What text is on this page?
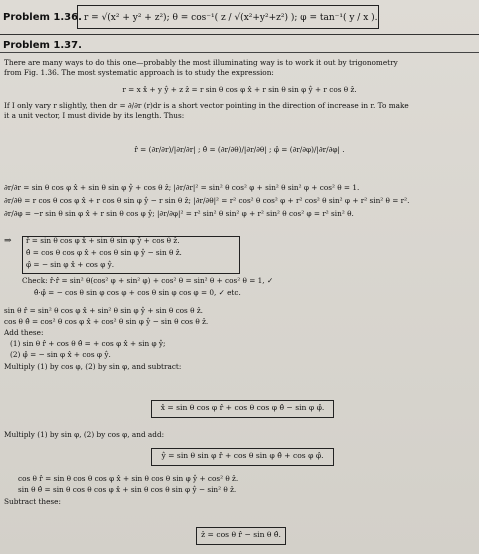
Problem 1.36. r = √(x² + y² + z²); θ = cos⁻¹( z / √(x²+y²+z²) ); φ = tan⁻¹( y / x ).
Problem 1.37.
There are many ways to do this one—probably the most illuminating way is to work it out by trigonometry
from Fig. 1.36. The most systematic approach is to study the expression:
r = x x̂ + y ŷ + z ẑ = r sin θ cos φ x̂ + r sin θ sin φ ŷ + r cos θ ẑ.
If I only vary r slightly, then dr = ∂/∂r (r)dr is a short vector pointing in the direction of increase in r. To make
it a unit vector, I must divide by its length. Thus:
r̂ = (∂r/∂r)/|∂r/∂r| ; θ̂ = (∂r/∂θ)/|∂r/∂θ| ; φ̂ = (∂r/∂φ)/|∂r/∂φ| .
∂r/∂r = sin θ cos φ x̂ + sin θ sin φ ŷ + cos θ ẑ; |∂r/∂r|² = sin² θ cos² φ + sin² θ sin² φ + cos² θ = 1.
∂r/∂θ = r cos θ cos φ x̂ + r cos θ sin φ ŷ − r sin θ ẑ; |∂r/∂θ|² = r² cos² θ cos² φ + r² cos² θ sin² φ + r² sin² θ = r².
∂r/∂φ = −r sin θ sin φ x̂ + r sin θ cos φ ŷ; |∂r/∂φ|² = r² sin² θ sin² φ + r² sin² θ cos² φ = r² sin² θ.
⇒ r̂ = sin θ cos φ x̂ + sin θ sin φ ŷ + cos θ ẑ.
θ̂ = cos θ cos φ x̂ + cos θ sin φ ŷ − sin θ ẑ.
φ̂ = − sin φ x̂ + cos φ ŷ.
Check: r̂·r̂ = sin² θ(cos² φ + sin² φ) + cos² θ = sin² θ + cos² θ = 1, ✓
θ̂·φ̂ = − cos θ sin φ cos φ + cos θ sin φ cos φ = 0, ✓ etc.
sin θ r̂ = sin² θ cos φ x̂ + sin² θ sin φ ŷ + sin θ cos θ ẑ.
cos θ θ̂ = cos² θ cos φ x̂ + cos² θ sin φ ŷ − sin θ cos θ ẑ.
Add these:
(1) sin θ r̂ + cos θ θ̂ = + cos φ x̂ + sin φ ŷ;
(2) φ̂ = − sin φ x̂ + cos φ ŷ.
Multiply (1) by cos φ, (2) by sin φ, and subtract:
x̂ = sin θ cos φ r̂ + cos θ cos φ θ̂ − sin φ φ̂.
Multiply (1) by sin φ, (2) by cos φ, and add:
ŷ = sin θ sin φ r̂ + cos θ sin φ θ̂ + cos φ φ̂.
cos θ r̂ = sin θ cos θ cos φ x̂ + sin θ cos θ sin φ ŷ + cos² θ ẑ.
sin θ θ̂ = sin θ cos θ cos φ x̂ + sin θ cos θ sin φ ŷ − sin² θ ẑ.
Subtract these:
ẑ = cos θ r̂ − sin θ θ̂.
